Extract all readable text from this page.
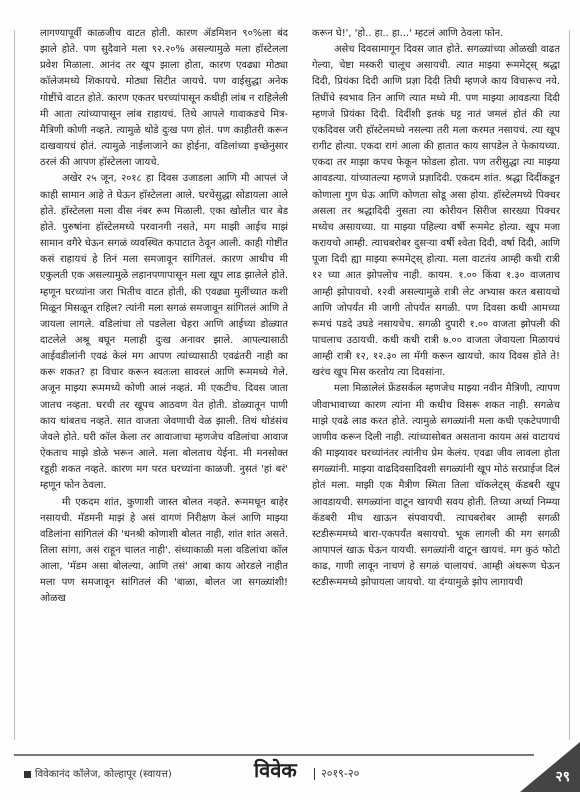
लागण्यापूर्वी काळजीच वाटत होती. कारण ॲडमिशन ९०%ला बंद झाले होते. पण सुदैवाने मला ९२.२०% असल्यामुळे मला हॉस्टेलला प्रवेश मिळाला. आनंद तर खूप झाला होता, कारण एवढ्या मोठ्या कॉलेजमध्ये शिकायचे. मोठ्या सिटीत जायचे. पण वाईसुद्धा अनेक गोष्टींचे वाटत होते. कारण एकतर घरच्यांपासून कधीही लांब न राहिलेली मी आता त्यांच्यापासून लांब राहायचं. तिथे आपले गावाकडचे मित्र-मैत्रिणी कोणी नव्हते. त्यामुळे थोडे दुःख पण होतं. पण काहीतरी करून दाखवायचं होतं. त्यामुळे नाईलाजाने का होईना, वडिलांच्या इच्छेनुसार ठरलं की आपण हॉस्टेलला जायचे.

अखेर २५ जून, २०१८ हा दिवस उजाडला आणि मी आपलं जे काही सामान आहे ते घेऊन हॉस्टेलला आले. घरचेसुद्धा सोडायला आले होते. हॉस्टेलला मला वीस नंबर रूम मिळाली. एका खोलीत चार बेड होते. पुरुषांना हॉस्टेलमध्ये परवानगी नसते, मग माझी आईच माझं सामान वगैरे घेऊन सगळं व्यवस्थित कपाटात ठेवून आली. काही गोष्टींत कसं राहायचं हे तिनं मला समजावून सांगितलं. कारण आधीच मी एकुलती एक असल्यामुळे लहानपणापासून मला खूप लाड झालेले होते. म्हणून घरच्यांना जरा भितीच वाटत होती, की एवढ्या मुलींच्यात कशी मिळून मिसळून राहिल? त्यांनी मला सगळं समजावून सांगितलं आणि ते जायला लागले. वडिलांचा तो पडलेला चेहरा आणि आईच्या डोळ्यात दाटलेले अश्रू बघून मलाही दुःख अनावर झाले. आपल्यासाठी आईवडीलांनी एवढं केलं मग आपण त्यांच्यासाठी एवढंतरी नाही का करू शकत? हा विचार करून स्वतःला सावरलं आणि रूममध्ये गेले. अजून माझ्या रूममध्ये कोणी आलं नव्हतं. मी एकटीच. दिवस जाता जातच नव्हता. घरची तर खूपच आठवण येत होती. डोळ्यातून पाणी काय थांबतच नव्हते. सात वाजता जेवणाची वेळ झाली. तिथं थोडंसंच जेवले होते. घरी कॉल केला तर आवाजाचा म्हणजेच वडिलांचा आवाज ऐकताच माझे डोळे भरून आले. मला बोलताच येईना. मी मनसोक्त रडूही शकत नव्हते. कारण मग परत घरच्यांना काळजी. नुसतं 'हां बरं' म्हणून फोन ठेवला.

मी एकदम शांत, कुणाशी जास्त बोलत नव्हते. रूममधून बाहेर नसायची. मॅडमनी माझं हे असं वागणं निरीक्षण केलं आणि माझ्या वडिलांना सांगितलं की 'धनश्री कोणाशी बोलत नाही, शांत शांत असते. तिला सांगा, असं राहून चालत नाही'. संध्याकाळी मला वडिलांचा कॉल आला, 'मॅडम असा बोलल्या, आणि तसं' आबा काय ओरडले नाहीत मला पण समजावून सांगितलं की 'बाळा, बोलत जा सगळ्यांशी! ओळख

करून घे!', 'हो.. हा.. हा...' म्हटलं आणि ठेवला फोन.

असेच दिवसामागून दिवस जात होते. सगळ्यांच्या ओळखी वाढत गेल्या, चेष्टा मस्करी चालूच असायची. त्यात माझ्या रूममेट्स् श्रद्धा दिदी, प्रियंका दिदी आणि प्रज्ञा दिदी तिघी म्हणजे काय विचारूच नये. तिघींचे स्वभाव तिन आणि त्यात मध्ये मी. पण माझ्या आवडत्या दिदी म्हणजे प्रियंका दिदी. दिदींशी इतकं घट्ट नातं जमलं होतं की त्या एकदिवस जरी हॉस्टेलमध्ये नसल्या तरी मला करमत नसायचं. त्या खूप रागीट होत्या. एकदा रागं आला की हातात काय सापडेल ते फेकायच्या. एकदा तर माझा कपच फेकून फोडला होता. पण तरीसुद्धा त्या माझ्या आवडत्या. यांच्यातल्या म्हणजे प्रज्ञादिदी. एकदम शांत. श्रद्धा दिदींकडून कोणाला गुण घेऊ आणि कोणता सोडू असा होया. हॉस्टेलमध्ये पिक्चर असला तर श्रद्धादिदी नुसता त्या कोरीयन सिरीज सारख्या पिक्चर मध्येच असायच्या. या माझ्या पहिल्या वर्षी रूममेट होत्या. खूप मजा करायचो आम्ही. त्याचबरोबर दुसऱ्या वर्षी श्वेता दिदी, वर्षा दिदी, आणि पूजा दिदी ह्या माझ्या रूममेट्स् होत्या. मला वाटतंय आम्ही कधी रात्री १२ च्या आत झोपलोच नाही. कायम. १.०० किंवा १.३० वाजताच आम्ही झोपायचो. १२वी असल्यामुळे रात्री लेट अभ्यास करत बसायचो आणि जोपर्यंत मी जागी तोपर्यंत सगळी. पण दिवसा कधी आमच्या रूमचं पडदे उघडे नसायचेच. सगळी दुपारी १.०० वाजता झोपली की पाचलाच उठायची. कधी कधी रात्री ७.०० वाजता जेवायला मिळायचं आम्ही रात्री १२, १२.३० ला मॅगी करून खायचो. काय दिवस होते ते! खरंच खूप मिस करतोय त्या दिवसांना.

मला मिळालेलं फ्रेंडसर्कल म्हणजेच माझ्या नवीन मैत्रिणी, त्यापण जीवाभावाच्या कारण त्यांना मी कधीच विसरू शकत नाही. सगळेच माझे एवढे लाड करत होते. त्यामुळे सगळ्यांनी मला कधी एकटेपणाची जाणीव करून दिली नाही. त्यांच्यासोबत असताना कायम असं वाटायचं की माझ्यावर घरच्यांनंतर त्यांनीच प्रेम केलंय. एवढा जीव लावला होता सगळ्यांनी. माझ्या वाढदिवसादिवशी सगळ्यांनी खूप मोठं सरप्राईज दिलं होतं मला. माझी एक मैत्रीण स्मिता तिला चॉकलेट्स् कॅडबरी खूप आवडायची. सगळ्यांना वाटून खायची सवय होती. तिच्या अर्ध्या निम्म्या कॅडबरी मीच खाऊन संपवायची. त्याचबरोबर आम्ही सगळी स्टडीरूममध्ये बारा-एकपर्यंत बसायचो. भूक लागली की मग सगळी आपापलं खाऊ घेऊन यायची. सगळ्यांनी वाटून खायचं. मग कुठं फोटो काढ, गाणी लावून नाचणं हे सगळं चालायचं. आम्ही अंथरूण घेऊन स्टडीरूममध्ये झोपायला जायचो. या दंग्यामुळे झोप लागायची

विवेकानंद कॉलेज, कोल्हापूर (स्वायत्त)	विवेक	२०१९-२०	२९
